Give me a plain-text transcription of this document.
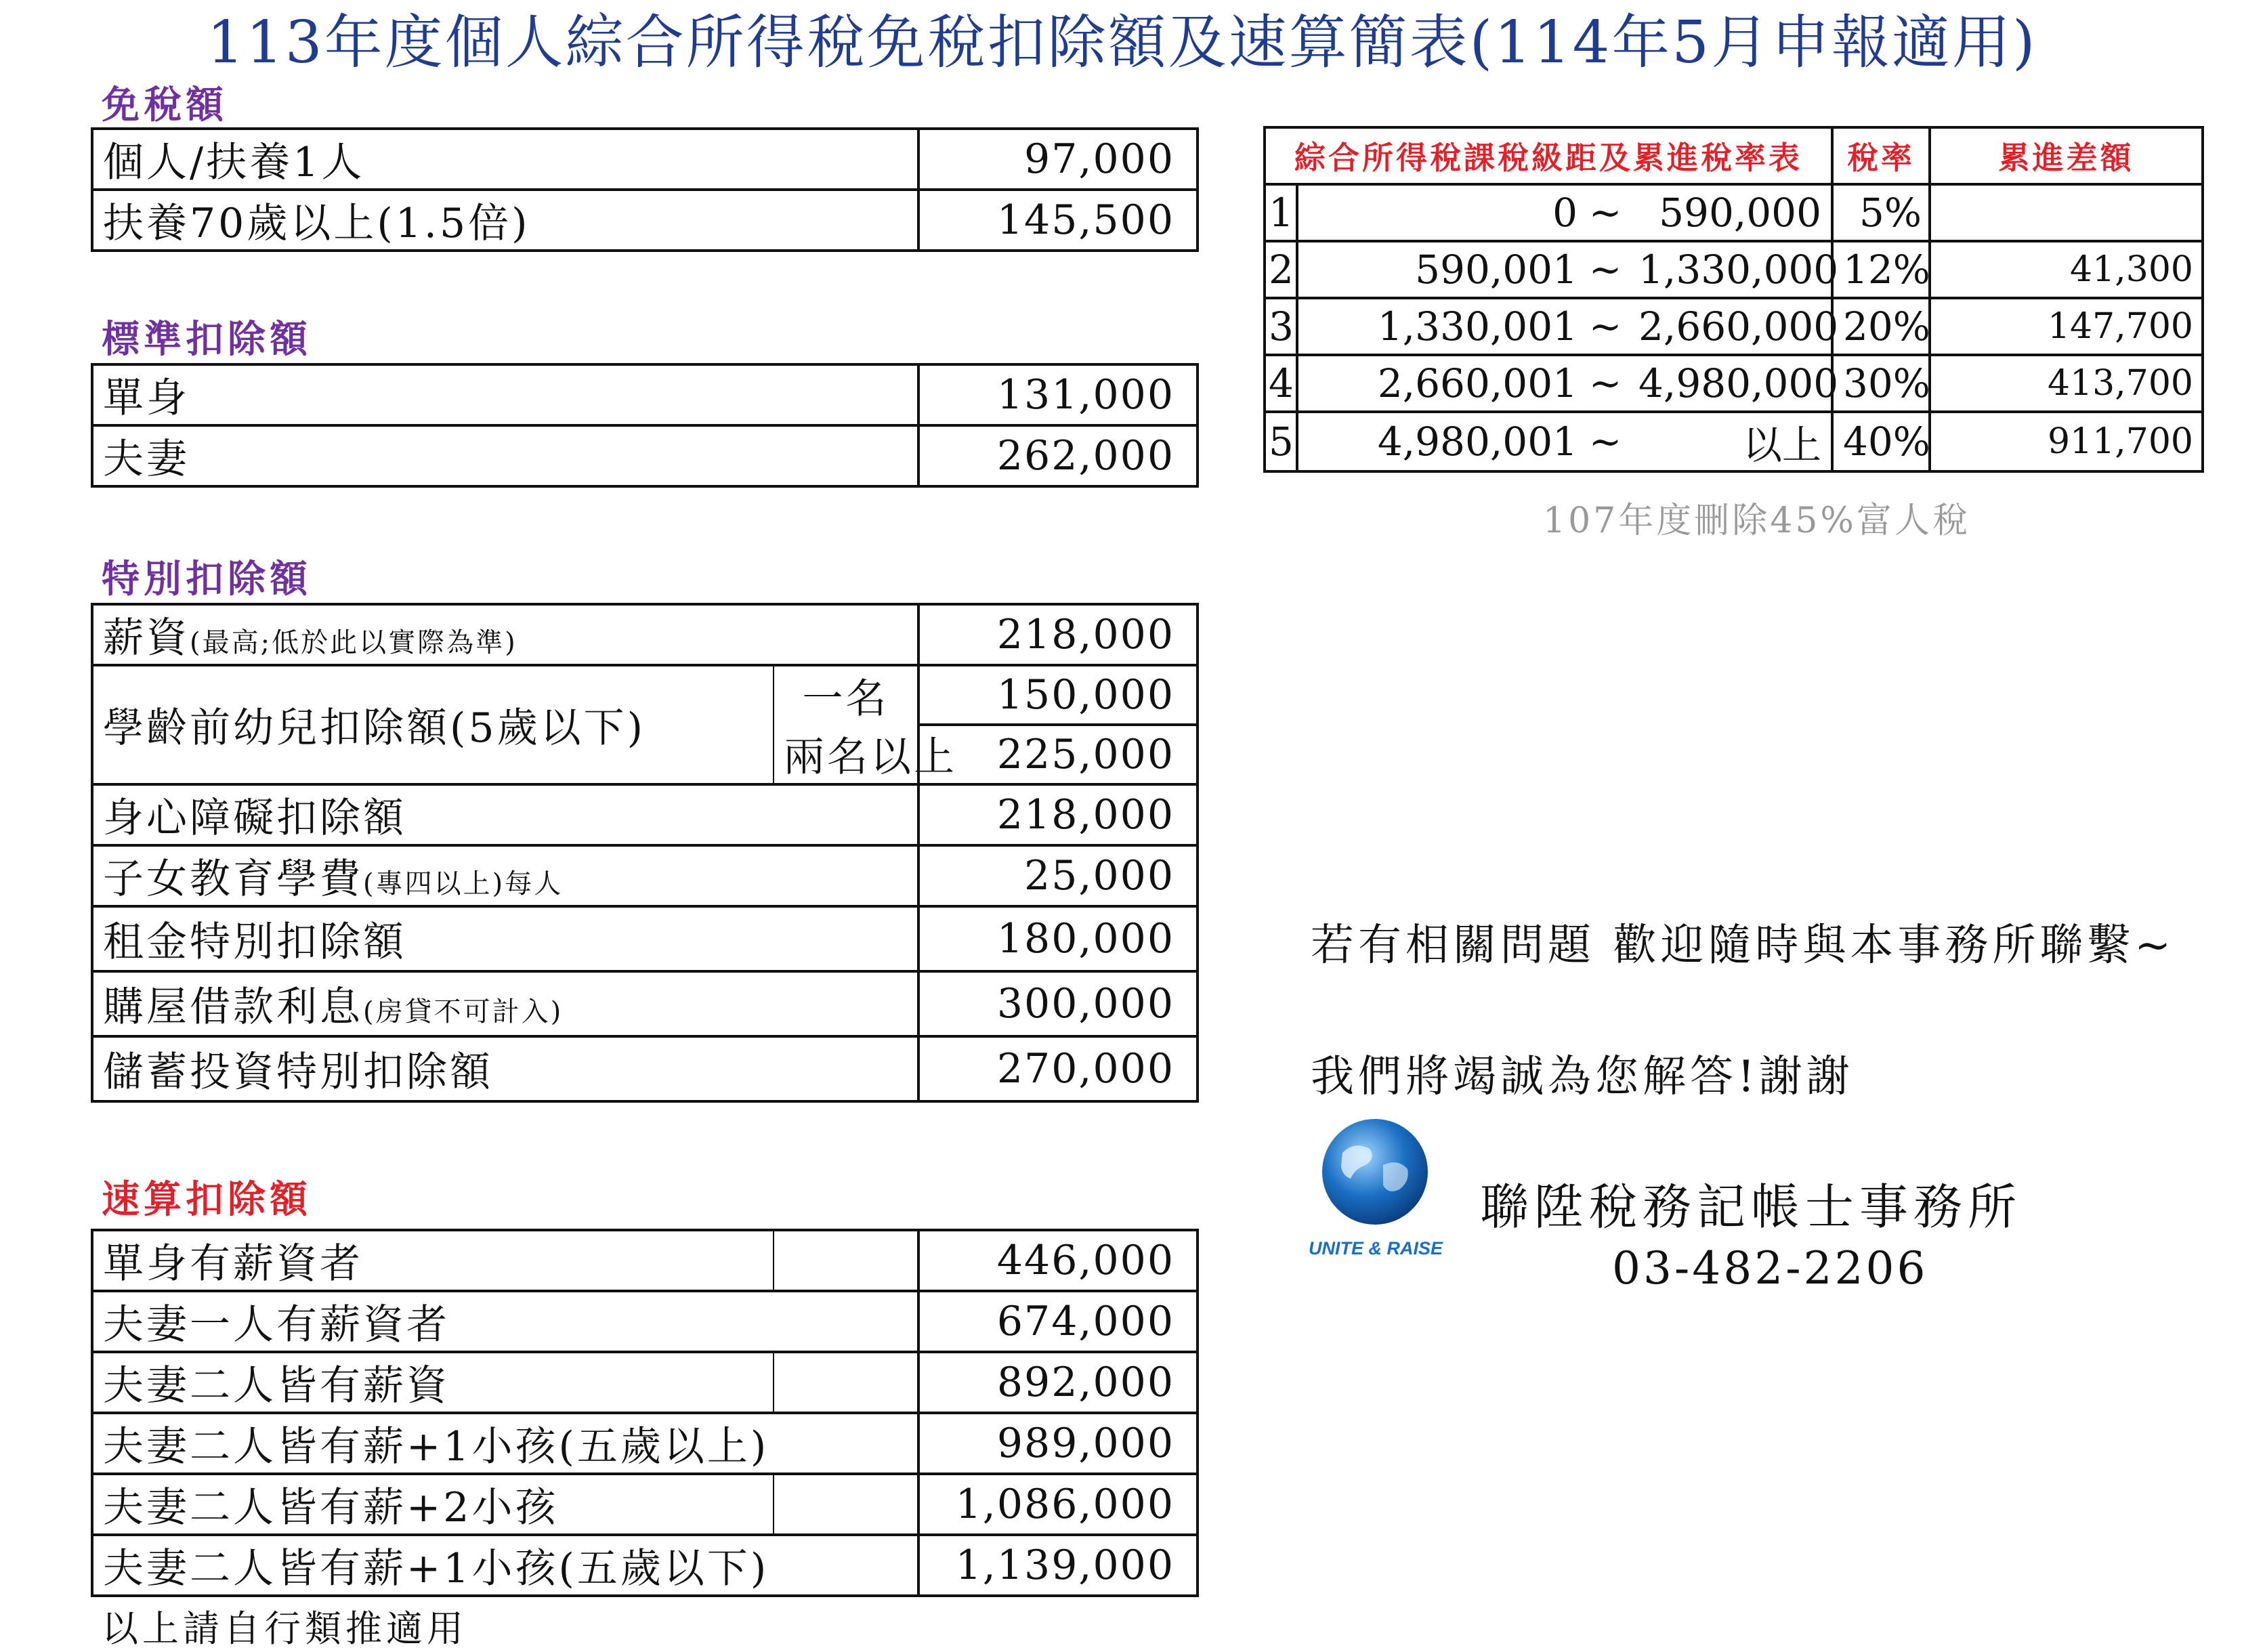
113年度個人綜合所得稅免稅扣除額及速算簡表(114年5月申報適用)
免稅額
個人/扶養1人	97,000
扶養70歲以上(1.5倍)	145,500
標準扣除額
單身	131,000
夫妻	262,000
特別扣除額
薪資(最高;低於此以實際為準)		218,000
學齡前幼兒扣除額(5歲以下)	一名	150,000
	兩名以上	225,000
身心障礙扣除額		218,000
子女教育學費(專四以上)每人		25,000
租金特別扣除額		180,000
購屋借款利息(房貸不可計入)		300,000
儲蓄投資特別扣除額		270,000
速算扣除額
單身有薪資者		446,000
夫妻一人有薪資者		674,000
夫妻二人皆有薪資		892,000
夫妻二人皆有薪+1小孩(五歲以上)		989,000
夫妻二人皆有薪+2小孩		1,086,000
夫妻二人皆有薪+1小孩(五歲以下)		1,139,000
以上請自行類推適用
綜合所得稅課稅級距及累進稅率表				稅率	累進差額
1	0	~	590,000	5%	
2	590,001	~	1,330,000	12%	41,300
3	1,330,001	~	2,660,000	20%	147,700
4	2,660,001	~	4,980,000	30%	413,700
5	4,980,001	~	以上	40%	911,700
107年度刪除45%富人稅
若有相關問題 歡迎隨時與本事務所聯繫~
我們將竭誠為您解答!謝謝
UNITE & RAISE
聯陞稅務記帳士事務所
03-482-2206
